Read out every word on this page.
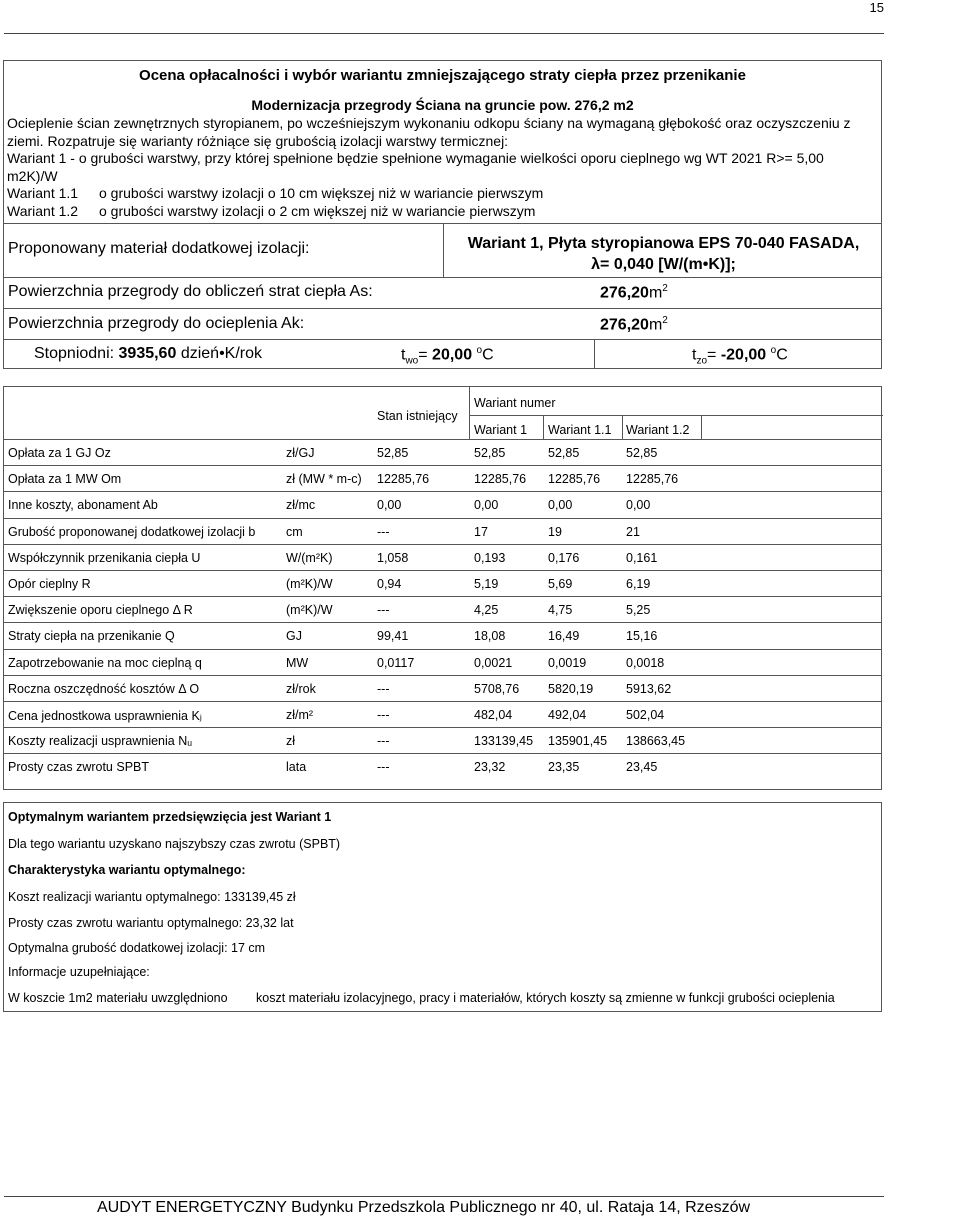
15
Ocena opłacalności i wybór wariantu zmniejszającego straty ciepła przez przenikanie
Modernizacja przegrody Ściana na gruncie pow. 276,2 m2

Ocieplenie ścian zewnętrznych styropianem, po wcześniejszym wykonaniu odkopu ściany na wymaganą głębokość oraz oczyszczeniu z ziemi. Rozpatruje się warianty różniące się grubością izolacji warstwy termicznej:

Wariant 1 - o grubości warstwy, przy której spełnione będzie spełnione wymaganie wielkości oporu cieplnego wg WT 2021 R>= 5,00 m2K)/W

Wariant 1.1	o grubości warstwy izolacji o 10 cm większej niż w wariancie pierwszym
Wariant 1.2	o grubości warstwy izolacji o 2 cm większej niż w wariancie pierwszym
Proponowany materiał dodatkowej izolacji:	Wariant 1, Płyta styropianowa EPS 70-040 FASADA,
λ= 0,040 [W/(m•K)];
Powierzchnia przegrody do obliczeń strat ciepła As:	$276,20m^2$
Powierzchnia przegrody do ocieplenia Ak:	$276,20m^2$
Stopniodni: 3935,60 dzień•K/rok	$t_{wo}= 20,00$ $^o$C	$t_{zo}= -20,00$ $^o$C
Stan istniejący
Wariant numer
Wariant 1 Wariant 1.1 Wariant 1.2
Opłata za 1 GJ Oz	zł/GJ	52,85	52,85	52,85	52,85
Opłata za 1 MW Om	zł (MW * m-c) 12285,76	12285,76 12285,76 12285,76
Inne koszty, abonament Ab	zł/mc	0,00	0,00	0,00	0,00
Grubość proponowanej dodatkowej izolacji b cm	---	17	19	21
Współczynnik przenikania ciepła U	W/(m²K)	1,058	0,193	0,176	0,161
Opór cieplny R	(m²K)/W	0,94	5,19	5,69	6,19
Zwiększenie oporu cieplnego Δ R	(m²K)/W	---	4,25	4,75	5,25
Straty ciepła na przenikanie Q	GJ	99,41	18,08	16,49	15,16
Zapotrzebowanie na moc cieplną q	MW	0,0117	0,0021	0,0019	0,0018
Roczna oszczędność kosztów Δ O	zł/rok	---	5708,76 5820,19	5913,62
Cena jednostkowa usprawnienia Kⱼ	zł/m²	---	482,04	492,04	502,04
Koszty realizacji usprawnienia Nᵤ	zł	---	133139,45 135901,45 138663,45
Prosty czas zwrotu SPBT	lata	---	23,32	23,35	23,45
Optymalnym wariantem przedsięwzięcia jest Wariant 1
Dla tego wariantu uzyskano najszybszy czas zwrotu (SPBT)
Charakterystyka wariantu optymalnego:
Koszt realizacji wariantu optymalnego: 133139,45 zł
Prosty czas zwrotu wariantu optymalnego: 23,32 lat
Optymalna grubość dodatkowej izolacji: 17 cm
Informacje uzupełniające:
W koszcie 1m2 materiału uwzględniono koszt materiału izolacyjnego, pracy i materiałów, których koszty są zmienne w funkcji grubości ocieplenia
AUDYT ENERGETYCZNY Budynku Przedszkola Publicznego nr 40, ul. Rataja 14, Rzeszów
